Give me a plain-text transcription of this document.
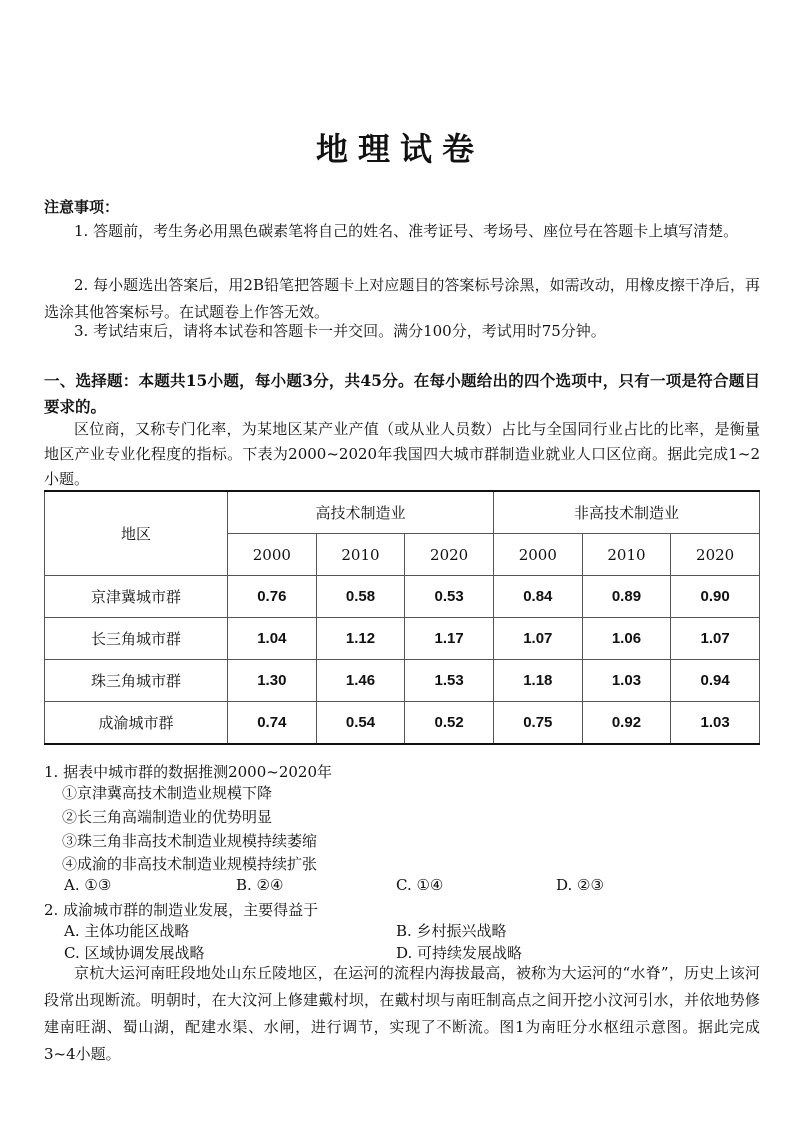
地理试卷
注意事项：
1. 答题前，考生务必用黑色碳素笔将自己的姓名、准考证号、考场号、座位号在答题卡上填写清楚。
2. 每小题选出答案后，用2B铅笔把答题卡上对应题目的答案标号涂黑，如需改动，用橡皮擦干净后，再选涂其他答案标号。在试题卷上作答无效。
3. 考试结束后，请将本试卷和答题卡一并交回。满分100分，考试用时75分钟。
一、选择题：本题共15小题，每小题3分，共45分。在每小题给出的四个选项中，只有一项是符合题目要求的。
区位商，又称专门化率，为某地区某产业产值（或从业人员数）占比与全国同行业占比的比率，是衡量地区产业专业化程度的指标。下表为2000~2020年我国四大城市群制造业就业人口区位商。据此完成1~2小题。
地区	高技术制造业			非高技术制造业		
	2000	2010	2020	2000	2010	2020
京津冀城市群	0.76	0.58	0.53	0.84	0.89	0.90
长三角城市群	1.04	1.12	1.17	1.07	1.06	1.07
珠三角城市群	1.30	1.46	1.53	1.18	1.03	0.94
成渝城市群	0.74	0.54	0.52	0.75	0.92	1.03
1. 据表中城市群的数据推测2000~2020年
①京津冀高技术制造业规模下降
②长三角高端制造业的优势明显
③珠三角非高技术制造业规模持续萎缩
④成渝的非高技术制造业规模持续扩张
A. ①③	B. ②④	C. ①④	D. ②③
2. 成渝城市群的制造业发展，主要得益于
A. 主体功能区战略	B. 乡村振兴战略
C. 区域协调发展战略	D. 可持续发展战略
京杭大运河南旺段地处山东丘陵地区，在运河的流程内海拔最高，被称为大运河的“水脊”，历史上该河段常出现断流。明朝时，在大汶河上修建戴村坝，在戴村坝与南旺制高点之间开挖小汶河引水，并依地势修建南旺湖、蜀山湖，配建水渠、水闸，进行调节，实现了不断流。图1为南旺分水枢纽示意图。据此完成3~4小题。
